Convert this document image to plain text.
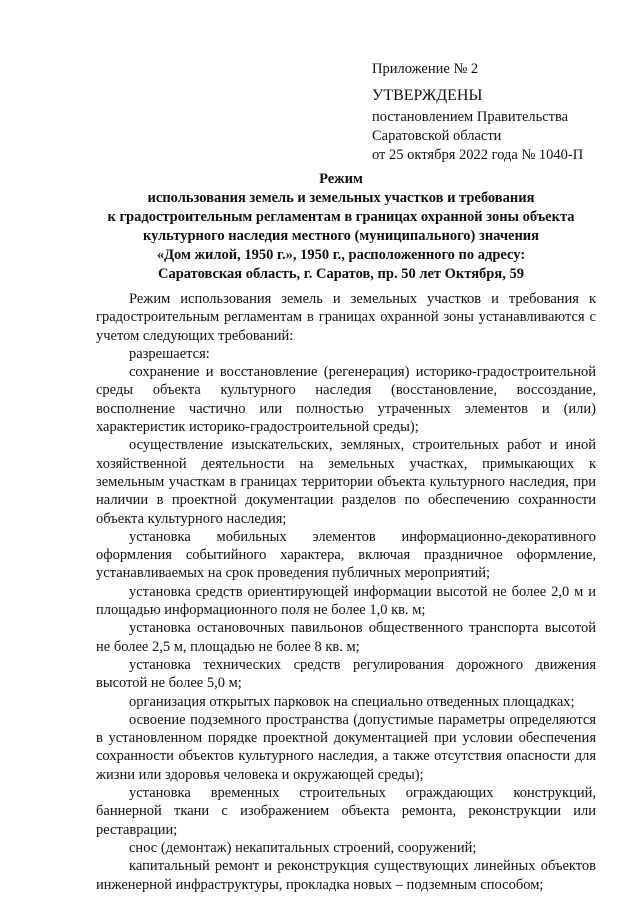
Приложение № 2
УТВЕРЖДЕНЫ
постановлением Правительства
Саратовской области
от 25 октября 2022 года № 1040-П
Режим
использования земель и земельных участков и требования
к градостроительным регламентам в границах охранной зоны объекта
культурного наследия местного (муниципального) значения
«Дом жилой, 1950 г.», 1950 г., расположенного по адресу:
Саратовская область, г. Саратов, пр. 50 лет Октября, 59

Режим использования земель и земельных участков и требования к градостроительным регламентам в границах охранной зоны устанавливаются с учетом следующих требований:

разрешается:

сохранение и восстановление (регенерация) историко-градостроительной среды объекта культурного наследия (восстановление, воссоздание, восполнение частично или полностью утраченных элементов и (или) характеристик историко-градостроительной среды);

осуществление изыскательских, земляных, строительных работ и иной хозяйственной деятельности на земельных участках, примыкающих к земельным участкам в границах территории объекта культурного наследия, при наличии в проектной документации разделов по обеспечению сохранности объекта культурного наследия;

установка мобильных элементов информационно-декоративного оформления событийного характера, включая праздничное оформление, устанавливаемых на срок проведения публичных мероприятий;

установка средств ориентирующей информации высотой не более 2,0 м и площадью информационного поля не более 1,0 кв. м;

установка остановочных павильонов общественного транспорта высотой не более 2,5 м, площадью не более 8 кв. м;

установка технических средств регулирования дорожного движения высотой не более 5,0 м;

организация открытых парковок на специально отведенных площадках;

освоение подземного пространства (допустимые параметры определяются в установленном порядке проектной документацией при условии обеспечения сохранности объектов культурного наследия, а также отсутствия опасности для жизни или здоровья человека и окружающей среды);

установка временных строительных ограждающих конструкций, баннерной ткани с изображением объекта ремонта, реконструкции или реставрации;

снос (демонтаж) некапитальных строений, сооружений;

капитальный ремонт и реконструкция существующих линейных объектов инженерной инфраструктуры, прокладка новых – подземным способом;
